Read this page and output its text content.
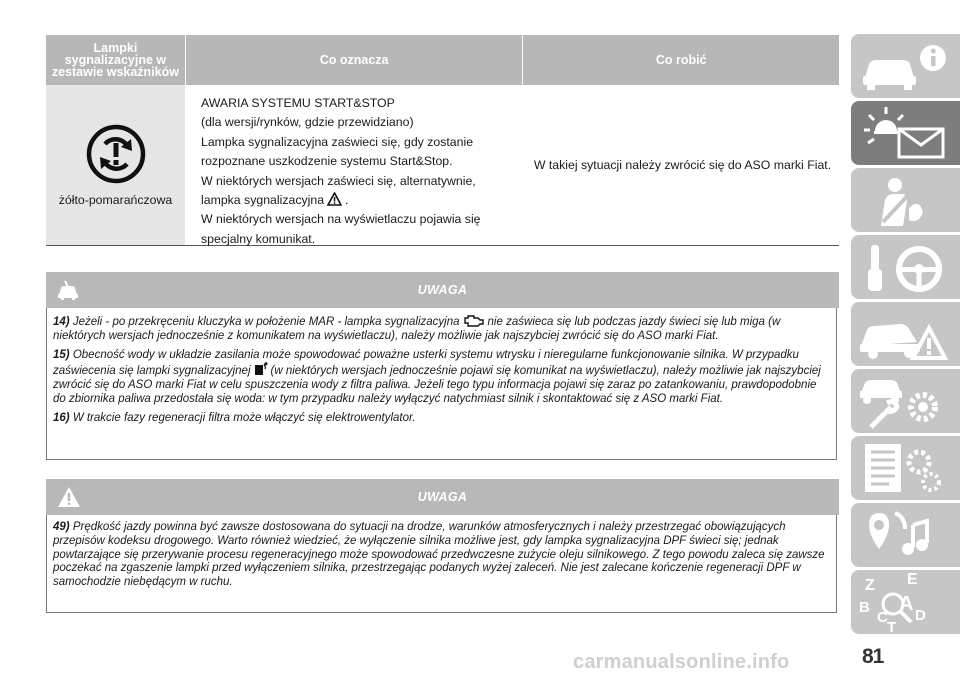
Lampki sygnalizacyjne w zestawie wskaźników
Co oznacza	Co robić
żółto-pomarańczowa
AWARIA SYSTEMU START&STOP
(dla wersji/rynków, gdzie przewidziano)
Lampka sygnalizacyjna zaświeci się, gdy zostanie
rozpoznane uszkodzenie systemu Start&Stop.
W niektórych wersjach zaświeci się, alternatywnie,
lampka sygnalizacyjna .
W niektórych wersjach na wyświetlaczu pojawia się
specjalny komunikat.
W takiej sytuacji należy zwrócić się do ASO marki Fiat.
UWAGA

14) Jeżeli - po przekręceniu kluczyka w położenie MAR - lampka sygnalizacyjna nie zaświeca się lub podczas jazdy świeci się lub miga (w niektórych wersjach jednocześnie z komunikatem na wyświetlaczu), należy możliwie jak najszybciej zwrócić się do ASO marki Fiat.

15) Obecność wody w układzie zasilania może spowodować poważne usterki systemu wtrysku i nieregularne funkcjonowanie silnika. W przypadku zaświecenia się lampki sygnalizacyjnej (w niektórych wersjach jednocześnie pojawi się komunikat na wyświetlaczu), należy możliwie jak najszybciej zwrócić się do ASO marki Fiat w celu spuszczenia wody z filtra paliwa. Jeżeli tego typu informacja pojawi się zaraz po zatankowaniu, prawdopodobnie do zbiornika paliwa przedostała się woda: w tym przypadku należy wyłączyć natychmiast silnik i skontaktować się z ASO marki Fiat.

16) W trakcie fazy regeneracji filtra może włączyć się elektrowentylator.

UWAGA

49) Prędkość jazdy powinna być zawsze dostosowana do sytuacji na drodze, warunków atmosferycznych i należy przestrzegać obowiązujących przepisów kodeksu drogowego. Warto również wiedzieć, że wyłączenie silnika możliwe jest, gdy lampka sygnalizacyjna DPF świeci się; jednak powtarzające się przerywanie procesu regeneracyjnego może spowodować przedwczesne zużycie oleju silnikowego. Z tego powodu zaleca się zawsze poczekać na zgaszenie lampki przed wyłączeniem silnika, przestrzegając podanych wyżej zaleceń. Nie jest zalecane kończenie regeneracji DPF w samochodzie niebędącym w ruchu.	Z E
B A
C D
T
81
carmanualsonline.info
